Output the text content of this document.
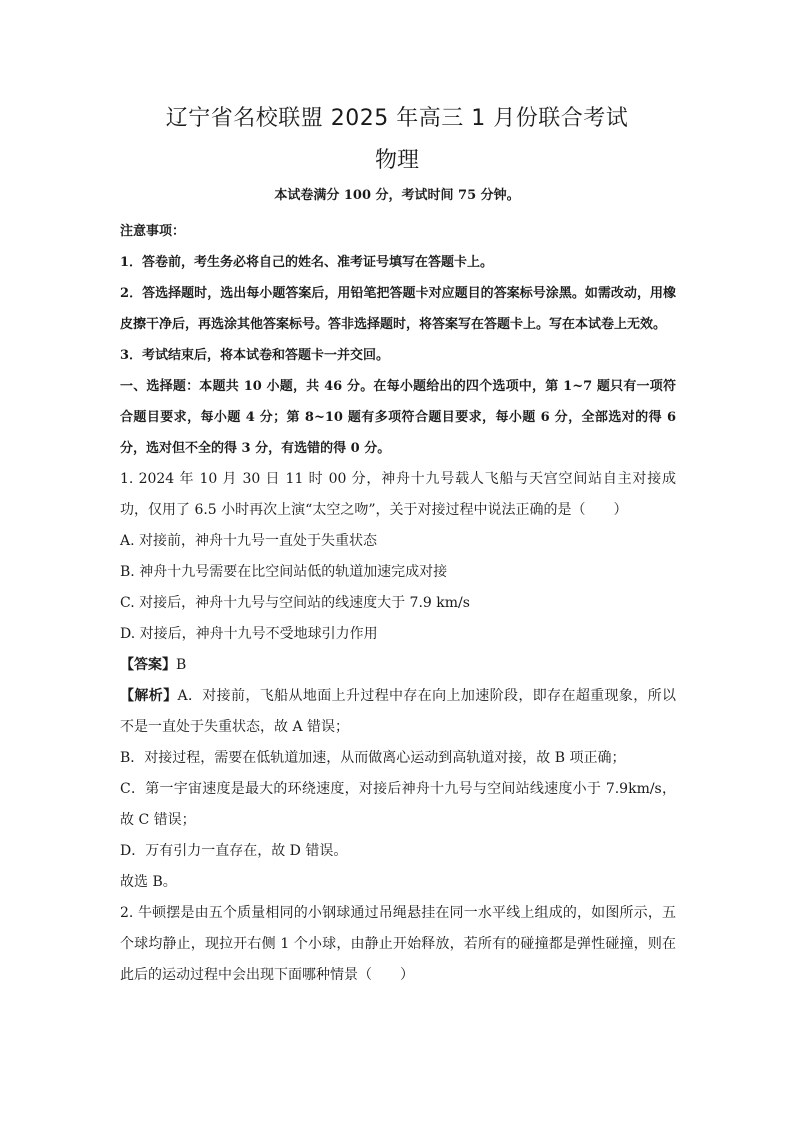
辽宁省名校联盟 2025 年高三 1 月份联合考试
物理
本试卷满分 100 分，考试时间 75 分钟。

注意事项：

1．答卷前，考生务必将自己的姓名、准考证号填写在答题卡上。

2．答选择题时，选出每小题答案后，用铅笔把答题卡对应题目的答案标号涂黑。如需改动，用橡皮擦干净后，再选涂其他答案标号。答非选择题时，将答案写在答题卡上。写在本试卷上无效。

3．考试结束后，将本试卷和答题卡一并交回。

一、选择题：本题共 10 小题，共 46 分。在每小题给出的四个选项中，第 1~7 题只有一项符合题目要求，每小题 4 分；第 8~10 题有多项符合题目要求，每小题 6 分，全部选对的得 6 分，选对但不全的得 3 分，有选错的得 0 分。

1. 2024 年 10 月 30 日 11 时 00 分，神舟十九号载人飞船与天宫空间站自主对接成功，仅用了 6.5 小时再次上演“太空之吻”，关于对接过程中说法正确的是（　　）

A. 对接前，神舟十九号一直处于失重状态

B. 神舟十九号需要在比空间站低的轨道加速完成对接

C. 对接后，神舟十九号与空间站的线速度大于 7.9 km/s

D. 对接后，神舟十九号不受地球引力作用

【答案】B

【解析】A．对接前，飞船从地面上升过程中存在向上加速阶段，即存在超重现象，所以不是一直处于失重状态，故 A 错误；

B．对接过程，需要在低轨道加速，从而做离心运动到高轨道对接，故 B 项正确；

C．第一宇宙速度是最大的环绕速度，对接后神舟十九号与空间站线速度小于 7.9km/s，故 C 错误；

D．万有引力一直存在，故 D 错误。

故选 B。

2. 牛顿摆是由五个质量相同的小钢球通过吊绳悬挂在同一水平线上组成的，如图所示，五个球均静止，现拉开右侧 1 个小球，由静止开始释放，若所有的碰撞都是弹性碰撞，则在此后的运动过程中会出现下面哪种情景（　　）
